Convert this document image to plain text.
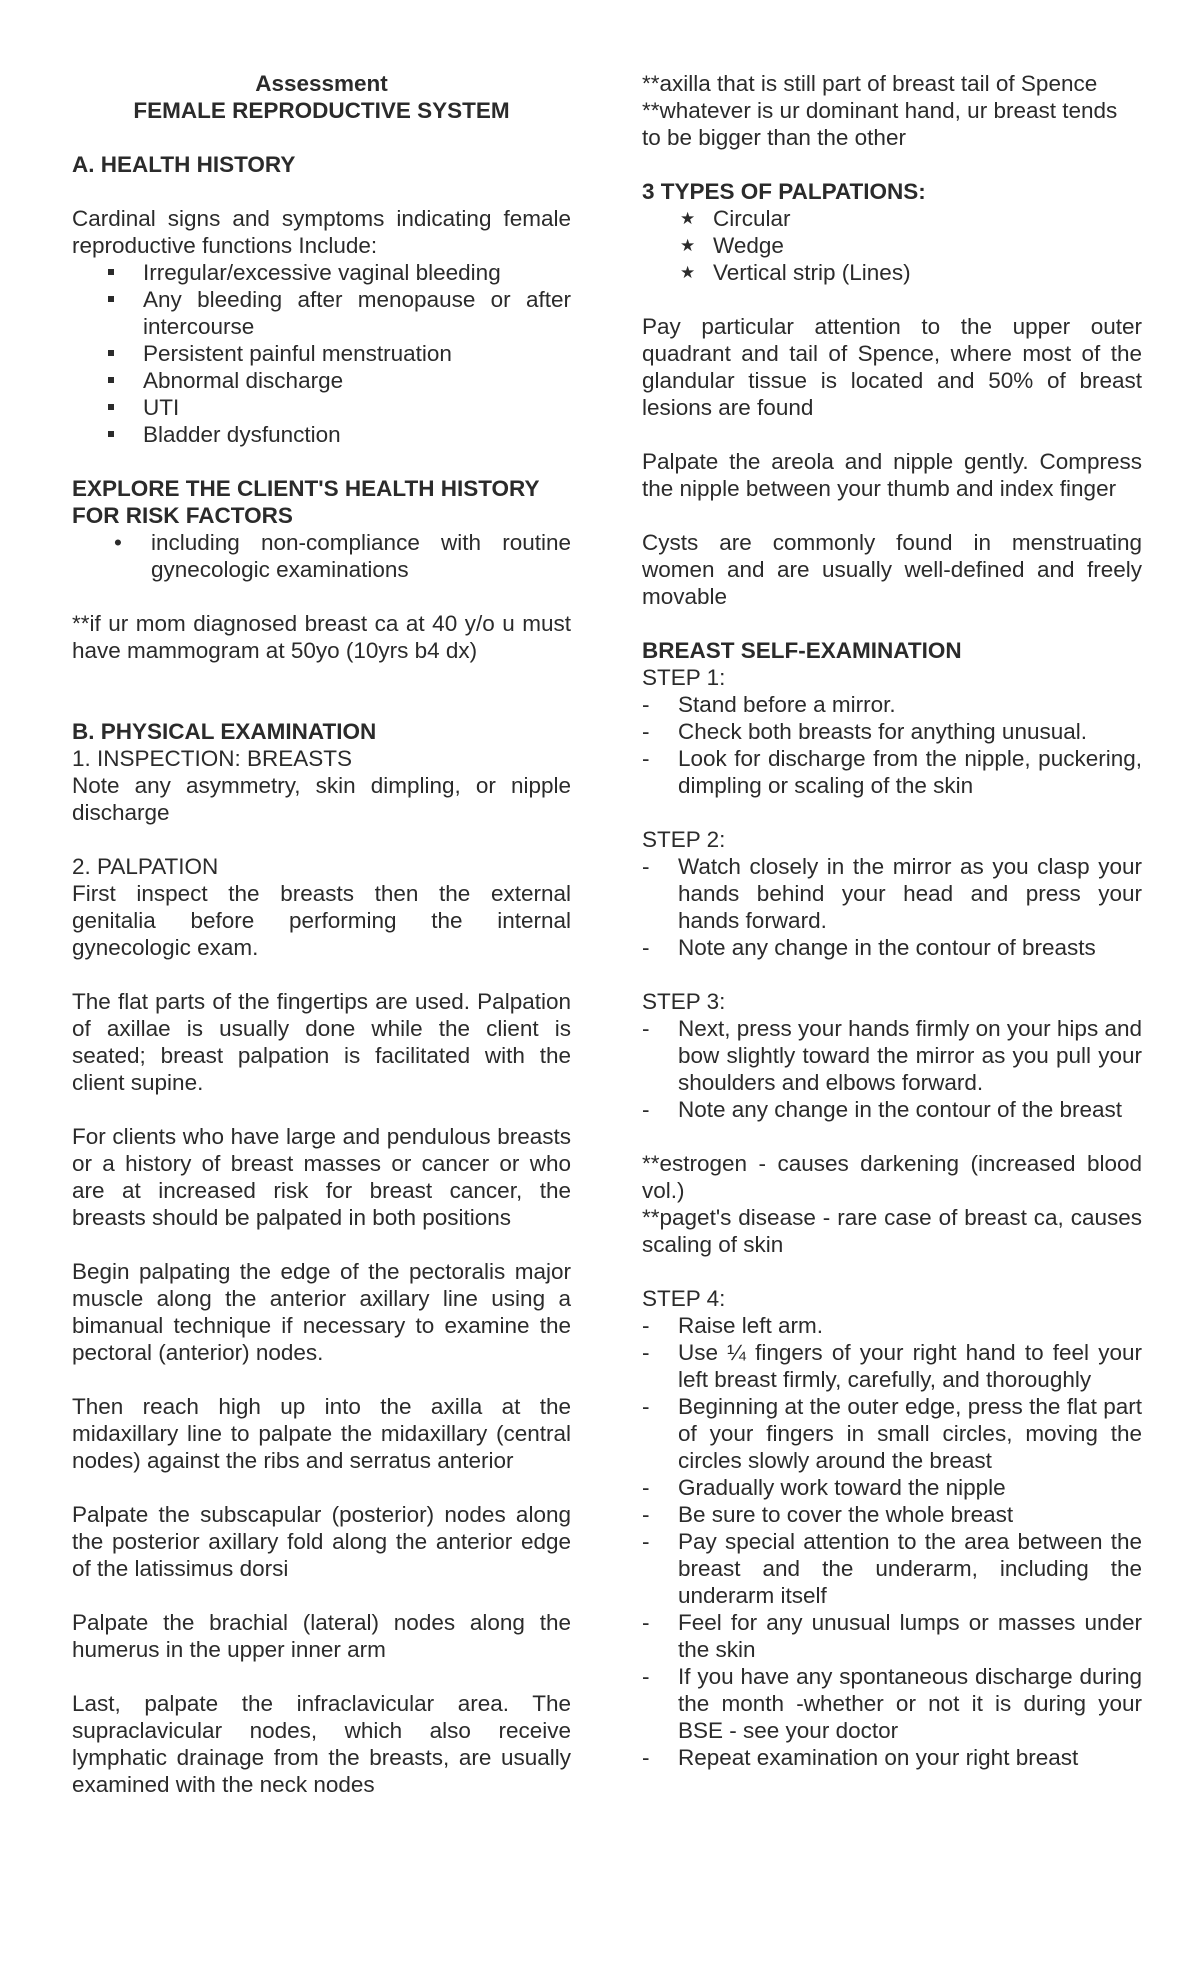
Assessment

FEMALE REPRODUCTIVE SYSTEM

A. HEALTH HISTORY

Cardinal signs and symptoms indicating female reproductive functions Include:

Irregular/excessive vaginal bleeding
Any bleeding after menopause or after intercourse
Persistent painful menstruation
Abnormal discharge
UTI
Bladder dysfunction

EXPLORE THE CLIENT'S HEALTH HISTORY FOR RISK FACTORS

• including non-compliance with routine gynecologic examinations

**if ur mom diagnosed breast ca at 40 y/o u must have mammogram at 50yo (10yrs b4 dx)

B. PHYSICAL EXAMINATION

1. INSPECTION: BREASTS

Note any asymmetry, skin dimpling, or nipple discharge

2. PALPATION

First inspect the breasts then the external genitalia before performing the internal gynecologic exam.

The flat parts of the fingertips are used. Palpation of axillae is usually done while the client is seated; breast palpation is facilitated with the client supine.

For clients who have large and pendulous breasts or a history of breast masses or cancer or who are at increased risk for breast cancer, the breasts should be palpated in both positions

Begin palpating the edge of the pectoralis major muscle along the anterior axillary line using a bimanual technique if necessary to examine the pectoral (anterior) nodes.

Then reach high up into the axilla at the midaxillary line to palpate the midaxillary (central nodes) against the ribs and serratus anterior

Palpate the subscapular (posterior) nodes along the posterior axillary fold along the anterior edge of the latissimus dorsi

Palpate the brachial (lateral) nodes along the humerus in the upper inner arm

Last, palpate the infraclavicular area. The supraclavicular nodes, which also receive lymphatic drainage from the breasts, are usually examined with the neck nodes

**axilla that is still part of breast tail of Spence

**whatever is ur dominant hand, ur breast tends to be bigger than the other

3 TYPES OF PALPATIONS:

★ Circular
★ Wedge
★ Vertical strip (Lines)

Pay particular attention to the upper outer quadrant and tail of Spence, where most of the glandular tissue is located and 50% of breast lesions are found

Palpate the areola and nipple gently. Compress the nipple between your thumb and index finger

Cysts are commonly found in menstruating women and are usually well-defined and freely movable

BREAST SELF-EXAMINATION

STEP 1:

- Stand before a mirror.
- Check both breasts for anything unusual.
- Look for discharge from the nipple, puckering, dimpling or scaling of the skin

STEP 2:

- Watch closely in the mirror as you clasp your hands behind your head and press your hands forward.
- Note any change in the contour of breasts

STEP 3:

- Next, press your hands firmly on your hips and bow slightly toward the mirror as you pull your shoulders and elbows forward.
- Note any change in the contour of the breast

**estrogen - causes darkening (increased blood vol.)

**paget's disease - rare case of breast ca, causes scaling of skin

STEP 4:

- Raise left arm.
- Use ¼ fingers of your right hand to feel your left breast firmly, carefully, and thoroughly
- Beginning at the outer edge, press the flat part of your fingers in small circles, moving the circles slowly around the breast
- Gradually work toward the nipple
- Be sure to cover the whole breast
- Pay special attention to the area between the breast and the underarm, including the underarm itself
- Feel for any unusual lumps or masses under the skin
- If you have any spontaneous discharge during the month -whether or not it is during your BSE - see your doctor
- Repeat examination on your right breast
